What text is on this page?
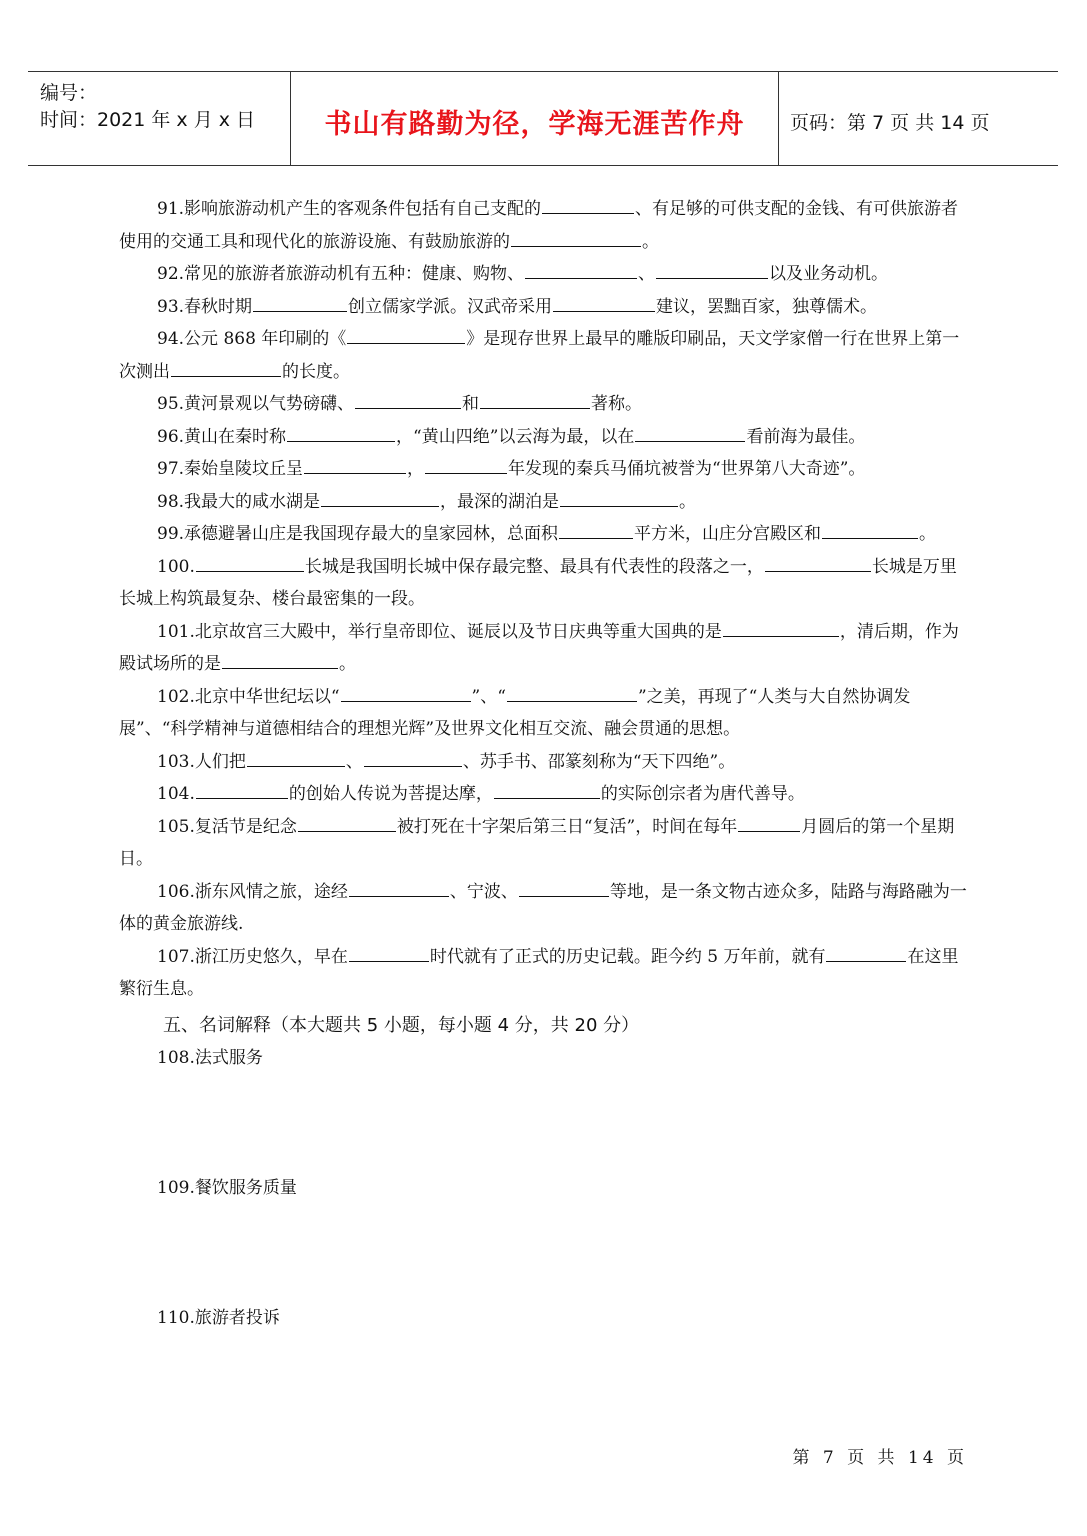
编号：
时间：2021 年 x 月 x 日	书山有路勤为径，学海无涯苦作舟	页码：第 7 页 共 14 页

91.影响旅游动机产生的客观条件包括有自己支配的	、有足够的可供支配的金钱、有可供旅游者使用的交通工具和现代化的旅游设施、有鼓励旅游的	。

92.常见的旅游者旅游动机有五种：健康、购物、	、	以及业务动机。

93.春秋时期	创立儒家学派。汉武帝采用	建议，罢黜百家，独尊儒术。

94.公元 868 年印刷的《	》是现存世界上最早的雕版印刷品，天文学家僧一行在世界上第一次测出	的长度。

95.黄河景观以气势磅礴、	和	著称。

96.黄山在秦时称	，“黄山四绝”以云海为最，以在	看前海为最佳。

97.秦始皇陵坟丘呈	，	年发现的秦兵马俑坑被誉为“世界第八大奇迹”。

98.我最大的咸水湖是	，最深的湖泊是	。

99.承德避暑山庄是我国现存最大的皇家园林，总面积	平方米，山庄分宫殿区和	。

100.	长城是我国明长城中保存最完整、最具有代表性的段落之一，	长城是万里长城上构筑最复杂、楼台最密集的一段。

101.北京故宫三大殿中，举行皇帝即位、诞辰以及节日庆典等重大国典的是	，清后期，作为殿试场所的是	。

102.北京中华世纪坛以“	”、“	”之美，再现了“人类与大自然协调发展”、“科学精神与道德相结合的理想光辉”及世界文化相互交流、融会贯通的思想。

103.人们把	、	、苏手书、邵篆刻称为“天下四绝”。

104.	的创始人传说为菩提达摩，	的实际创宗者为唐代善导。

105.复活节是纪念	被打死在十字架后第三日“复活”，时间在每年	月圆后的第一个星期日。

106.浙东风情之旅，途经	、宁波、	等地，是一条文物古迹众多，陆路与海路融为一体的黄金旅游线.

107.浙江历史悠久，早在	时代就有了正式的历史记载。距今约 5 万年前，就有	在这里繁衍生息。

五、名词解释（本大题共 5 小题，每小题 4 分，共 20 分）
108.法式服务
109.餐饮服务质量
110.旅游者投诉
第 7 页 共 14 页
